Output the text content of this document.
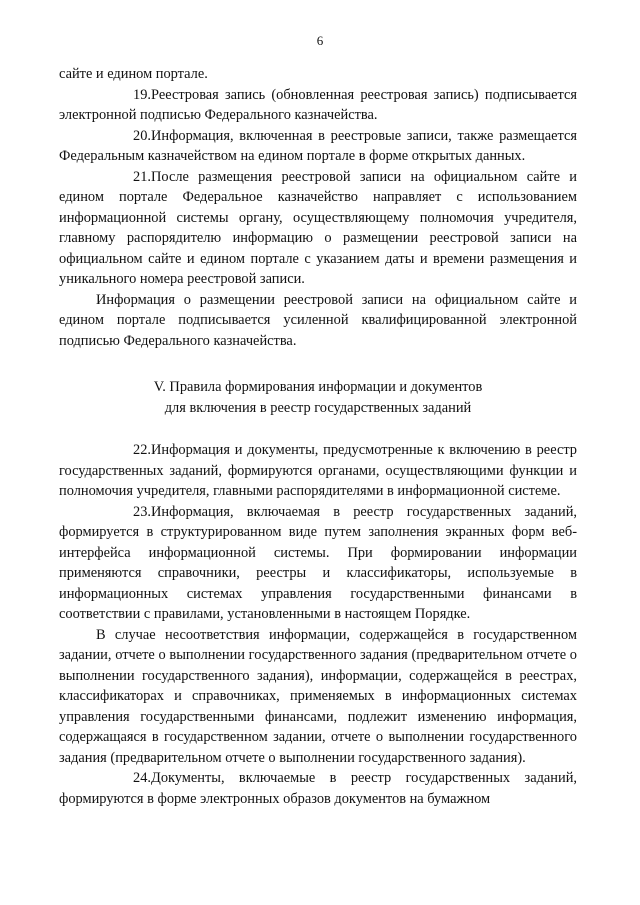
6

сайте и едином портале.

19.Реестровая запись (обновленная реестровая запись) подписывается электронной подписью Федерального казначейства.

20.Информация, включенная в реестровые записи, также размещается Федеральным казначейством на едином портале в форме открытых данных.

21.После размещения реестровой записи на официальном сайте и едином портале Федеральное казначейство направляет с использованием информационной системы органу, осуществляющему полномочия учредителя, главному распорядителю информацию о размещении реестровой записи на официальном сайте и едином портале с указанием даты и времени размещения и уникального номера реестровой записи.

Информация о размещении реестровой записи на официальном сайте и едином портале подписывается усиленной квалифицированной электронной подписью Федерального казначейства.

V. Правила формирования информации и документов
для включения в реестр государственных заданий

22.Информация и документы, предусмотренные к включению в реестр государственных заданий, формируются органами, осуществляющими функции и полномочия учредителя, главными распорядителями в информационной системе.

23.Информация, включаемая в реестр государственных заданий, формируется в структурированном виде путем заполнения экранных форм веб-интерфейса информационной системы. При формировании информации применяются справочники, реестры и классификаторы, используемые в информационных системах управления государственными финансами в соответствии с правилами, установленными в настоящем Порядке.

В случае несоответствия информации, содержащейся в государственном задании, отчете о выполнении государственного задания (предварительном отчете о выполнении государственного задания), информации, содержащейся в реестрах, классификаторах и справочниках, применяемых в информационных системах управления государственными финансами, подлежит изменению информация, содержащаяся в государственном задании, отчете о выполнении государственного задания (предварительном отчете о выполнении государственного задания).

24.Документы, включаемые в реестр государственных заданий, формируются в форме электронных образов документов на бумажном
